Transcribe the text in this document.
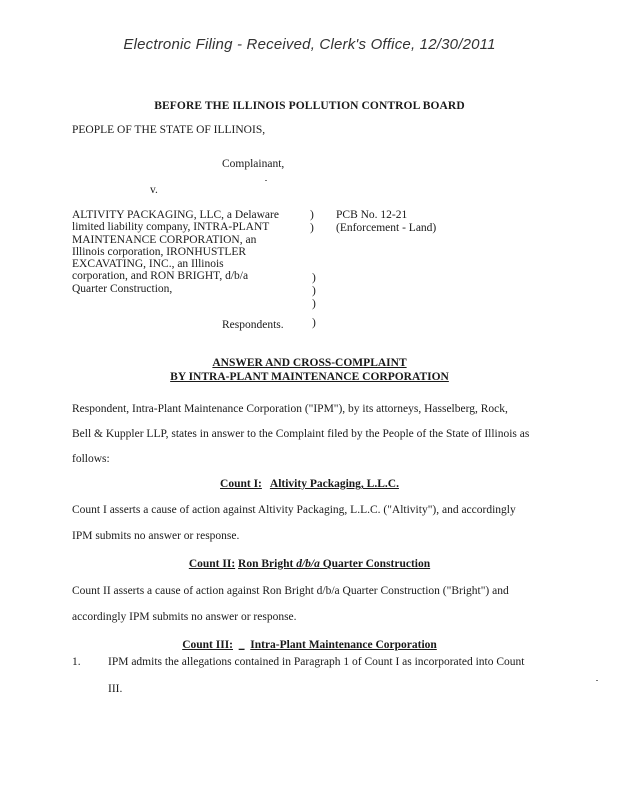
Electronic Filing - Received, Clerk's Office, 12/30/2011
BEFORE THE ILLINOIS POLLUTION CONTROL BOARD
PEOPLE OF THE STATE OF ILLINOIS,
Complainant,
v.
ALTIVITY PACKAGING, LLC, a Delaware
limited liability company, INTRA-PLANT
MAINTENANCE CORPORATION, an
Illinois corporation, IRONHUSTLER
EXCAVATING, INC., an Illinois
corporation, and RON BRIGHT, d/b/a
Quarter Construction,
Respondents.
)
)
)
)
)
)
PCB No. 12-21
(Enforcement - Land)
ANSWER AND CROSS-COMPLAINT
BY INTRA-PLANT MAINTENANCE CORPORATION
Respondent, Intra-Plant Maintenance Corporation ("IPM"), by its attorneys, Hasselberg, Rock,
Bell & Kuppler LLP, states in answer to the Complaint filed by the People of the State of Illinois as
follows:
Count I: Altivity Packaging, L.L.C.
Count I asserts a cause of action against Altivity Packaging, L.L.C. ("Altivity"), and accordingly
IPM submits no answer or response.
Count II: Ron Bright d/b/a Quarter Construction
Count II asserts a cause of action against Ron Bright d/b/a Quarter Construction ("Bright") and
accordingly IPM submits no answer or response.
Count III: _ Intra-Plant Maintenance Corporation
1. IPM admits the allegations contained in Paragraph 1 of Count I as incorporated into Count
III.
